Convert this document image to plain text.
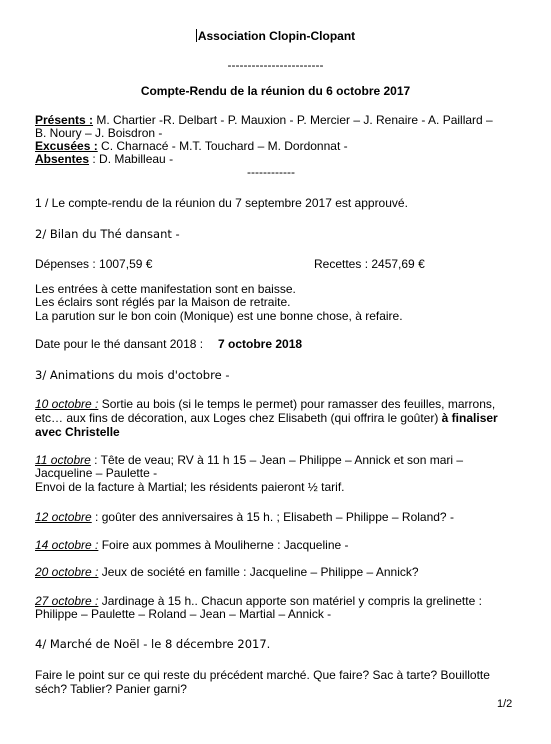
Association Clopin-Clopant
------------------------
Compte-Rendu de la réunion du 6 octobre 2017
Présents : M. Chartier -R. Delbart - P. Mauxion - P. Mercier – J. Renaire - A. Paillard –
B. Noury – J. Boisdron -
Excusées : C. Charnacé - M.T. Touchard – M. Dordonnat -
Absentes : D. Mabilleau -
------------
1 / Le compte-rendu de la réunion du 7 septembre 2017 est approuvé.
2/ Bilan du Thé dansant -
Dépenses : 1007,59 €	Recettes : 2457,69 €
Les entrées à cette manifestation sont en baisse.
Les éclairs sont réglés par la Maison de retraite.
La parution sur le bon coin (Monique) est une bonne chose, à refaire.
Date pour le thé dansant 2018 : 7 octobre 2018
3/ Animations du mois d'octobre -
10 octobre : Sortie au bois (si le temps le permet) pour ramasser des feuilles, marrons,
etc… aux fins de décoration, aux Loges chez Elisabeth (qui offrira le goûter) à finaliser
avec Christelle
11 octobre : Tête de veau; RV à 11 h 15 – Jean – Philippe – Annick et son mari –
Jacqueline – Paulette -
Envoi de la facture à Martial; les résidents paieront ½ tarif.
12 octobre : goûter des anniversaires à 15 h. ; Elisabeth – Philippe – Roland? -
14 octobre : Foire aux pommes à Mouliherne : Jacqueline -
20 octobre : Jeux de société en famille : Jacqueline – Philippe – Annick?
27 octobre : Jardinage à 15 h.. Chacun apporte son matériel y compris la grelinette :
Philippe – Paulette – Roland – Jean – Martial – Annick -
4/ Marché de Noël - le 8 décembre 2017.
Faire le point sur ce qui reste du précédent marché. Que faire? Sac à tarte? Bouillotte
séch? Tablier? Panier garni?
1/2
